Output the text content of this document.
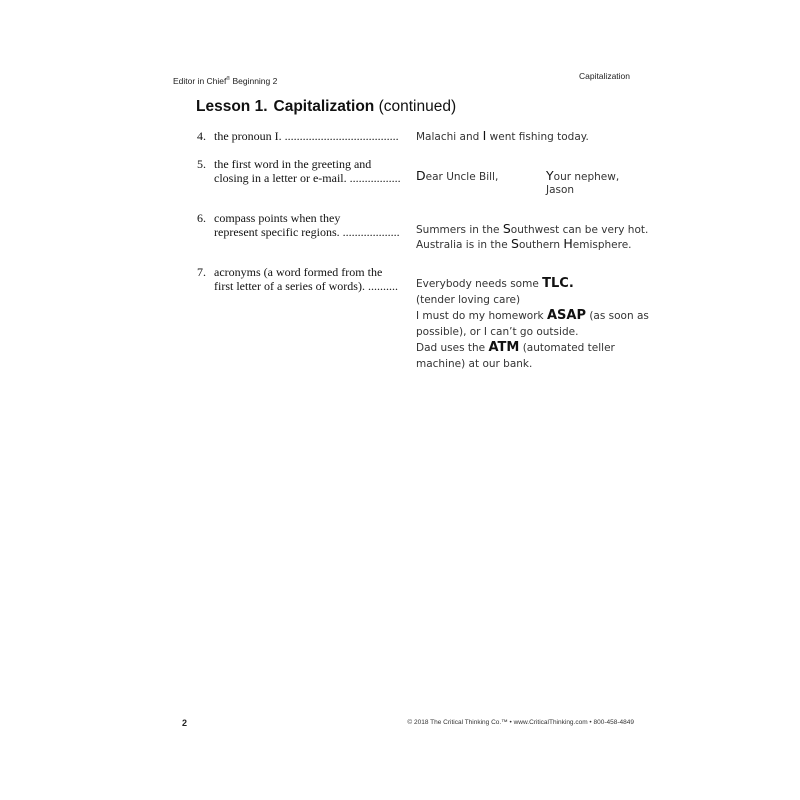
Editor in Chief® Beginning 2	Capitalization
Lesson 1. Capitalization (continued)
4. the pronoun I. ...................................... Malachi and I went fishing today.
5. the first word in the greeting and
closing in a letter or e-mail. ................. Dear Uncle Bill,	Your nephew,
Jason
6. compass points when they
represent specific regions. ................... Summers in the Southwest can be very hot.
Australia is in the Southern Hemisphere.
7. acronyms (a word formed from the
first letter of a series of words). .......... Everybody needs some TLC.
(tender loving care)
I must do my homework ASAP (as soon as
possible), or I can’t go outside.
Dad uses the ATM (automated teller
machine) at our bank.
2	© 2018 The Critical Thinking Co.™ • www.CriticalThinking.com • 800-458-4849
